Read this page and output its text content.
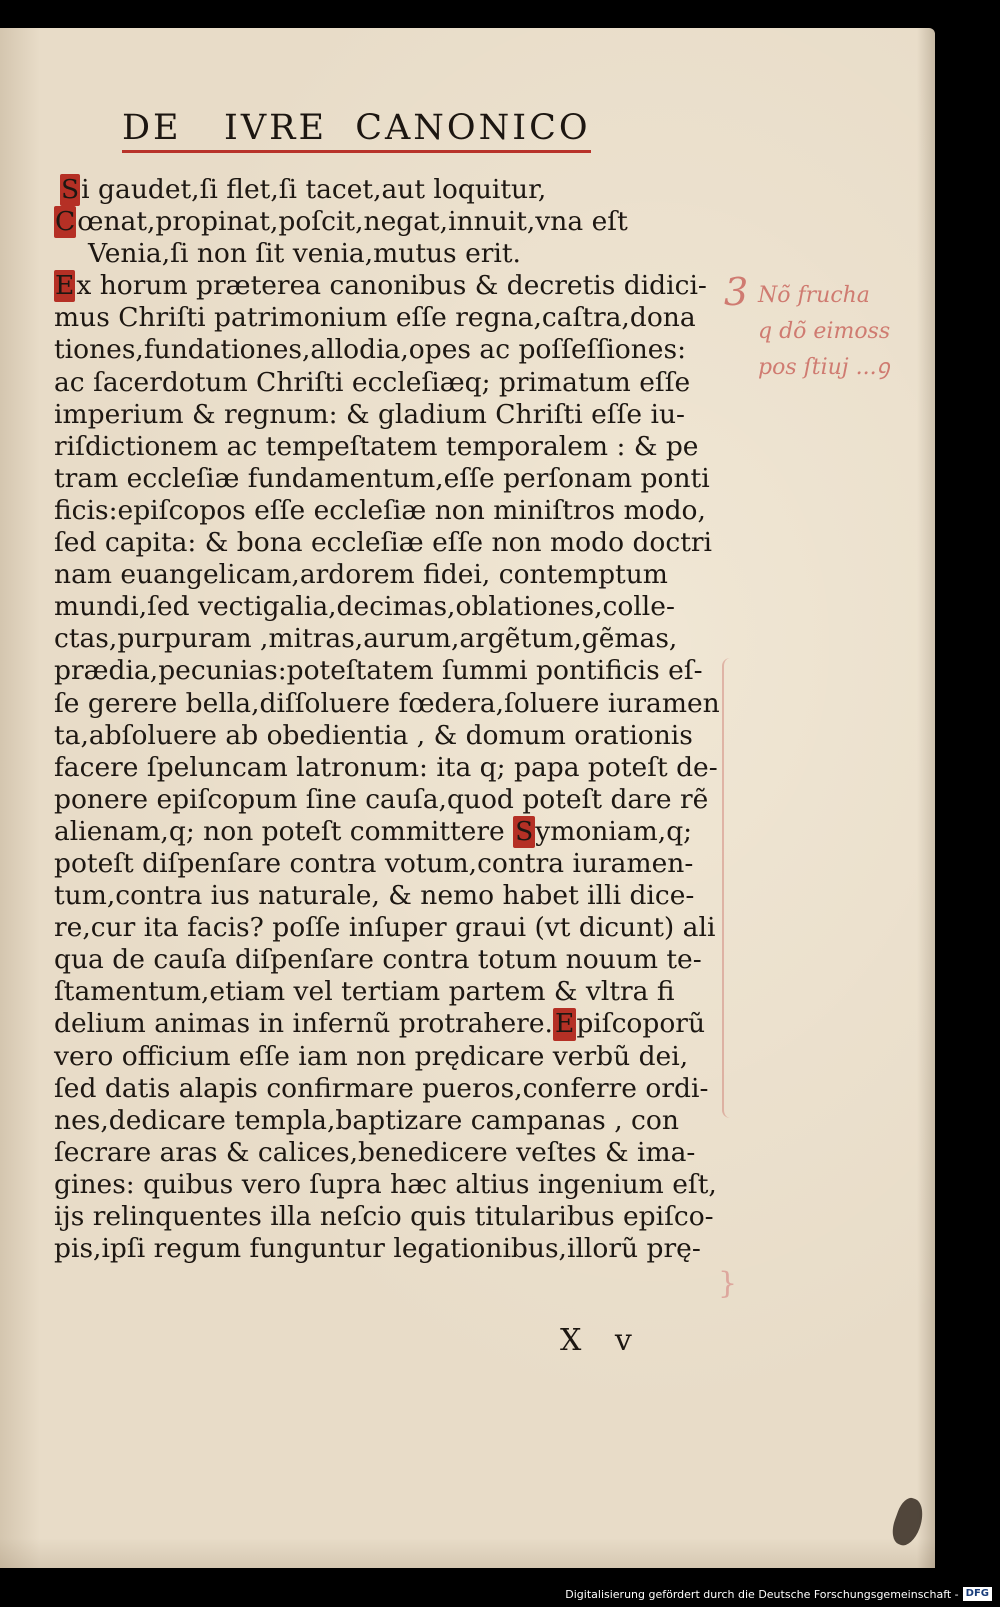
DE   IVRE  CANONICO
Si gaudet,ſi flet,ſi tacet,aut loquitur,
Cœnat,propinat,poſcit,negat,innuit,vna eſt
Venia,ſi non ſit venia,mutus erit.
Ex horum præterea canonibus & decretis didici-
mus Chriſti patrimonium eſſe regna,caſtra,dona
tiones,fundationes,allodia,opes ac poſſeſſiones:
ac ſacerdotum Chriſti eccleſiæq; primatum eſſe
imperium & regnum: & gladium Chriſti eſſe iu-
riſdictionem ac tempeſtatem temporalem : & pe
tram eccleſiæ fundamentum,eſſe perſonam ponti
ficis:epiſcopos eſſe eccleſiæ non miniſtros modo,
ſed capita: & bona eccleſiæ eſſe non modo doctri
nam euangelicam,ardorem fidei, contemptum
mundi,ſed vectigalia,decimas,oblationes,colle-
ctas,purpuram ,mitras,aurum,argẽtum,gẽmas,
prædia,pecunias:poteſtatem ſummi pontificis eſ-
ſe gerere bella,diſſoluere fœdera,ſoluere iuramen
ta,abſoluere ab obedientia , & domum orationis
facere ſpeluncam latronum: ita q; papa poteſt de-
ponere epiſcopum ſine cauſa,quod poteſt dare rẽ
alienam,q; non poteſt committere Symoniam,q;
poteſt diſpenſare contra votum,contra iuramen-
tum,contra ius naturale, & nemo habet illi dice-
re,cur ita facis? poſſe inſuper graui (vt dicunt) ali
qua de cauſa diſpenſare contra totum nouum te-
ſtamentum,etiam vel tertiam partem & vltra fi
delium animas in infernũ protrahere.Epiſcoporũ
vero officium eſſe iam non prędicare verbũ dei,
ſed datis alapis confirmare pueros,conferre ordi-
nes,dedicare templa,baptizare campanas , con
ſecrare aras & calices,benedicere veſtes & ima-
gines: quibus vero ſupra hæc altius ingenium eſt,
ijs relinquentes illa neſcio quis titularibus epiſco-
pis,ipſi regum funguntur legationibus,illorũ prę-
3 Nõ frucha
q dõ eimoss
pos ſtiuj ...ꝯ
}
X v
Digitalisierung gefördert durch die Deutsche Forschungsgemeinschaft - DFG
